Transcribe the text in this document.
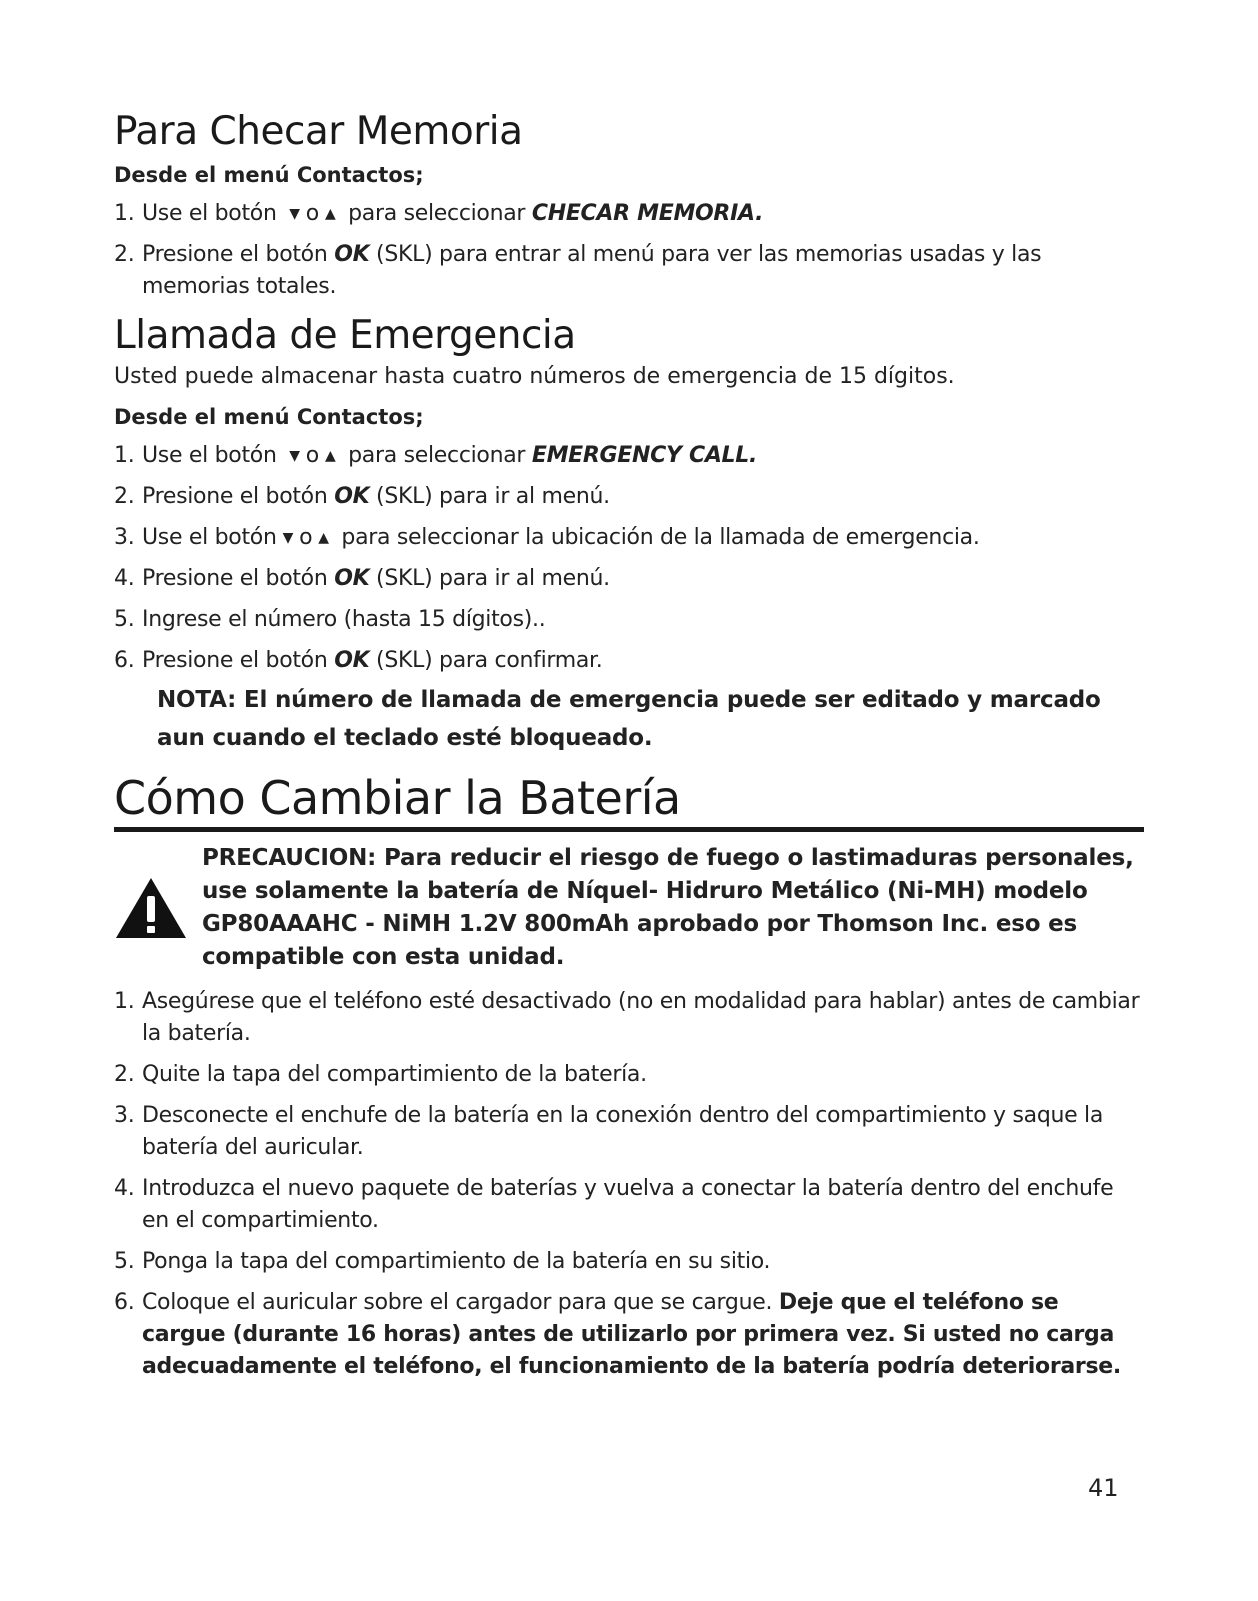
Para Checar Memoria

Desde el menú Contactos;

1. Use el botón ▼ o ▲ para seleccionar CHECAR MEMORIA.
2. Presione el botón OK (SKL) para entrar al menú para ver las memorias usadas y las memorias totales.
Llamada de Emergencia

Usted puede almacenar hasta cuatro números de emergencia de 15 dígitos.

Desde el menú Contactos;

1. Use el botón ▼ o ▲ para seleccionar EMERGENCY CALL.
2. Presione el botón OK (SKL) para ir al menú.
3. Use el botón ▼ o ▲ para seleccionar la ubicación de la llamada de emergencia.
4. Presione el botón OK (SKL) para ir al menú.
5. Ingrese el número (hasta 15 dígitos)..
6. Presione el botón OK (SKL) para confirmar.

NOTA: El número de llamada de emergencia puede ser editado y marcado aun cuando el teclado esté bloqueado.

Cómo Cambiar la Batería

PRECAUCION: Para reducir el riesgo de fuego o lastimaduras personales, use solamente la batería de Níquel- Hidruro Metálico (Ni-MH) modelo GP80AAAHC - NiMH 1.2V 800mAh aprobado por Thomson Inc. eso es compatible con esta unidad.

1. Asegúrese que el teléfono esté desactivado (no en modalidad para hablar) antes de cambiar la batería.
2. Quite la tapa del compartimiento de la batería.
3. Desconecte el enchufe de la batería en la conexión dentro del compartimiento y saque la batería del auricular.
4. Introduzca el nuevo paquete de baterías y vuelva a conectar la batería dentro del enchufe en el compartimiento.
5. Ponga la tapa del compartimiento de la batería en su sitio.
6. Coloque el auricular sobre el cargador para que se cargue. Deje que el teléfono se cargue (durante 16 horas) antes de utilizarlo por primera vez. Si usted no carga adecuadamente el teléfono, el funcionamiento de la batería podría deteriorarse.
41
